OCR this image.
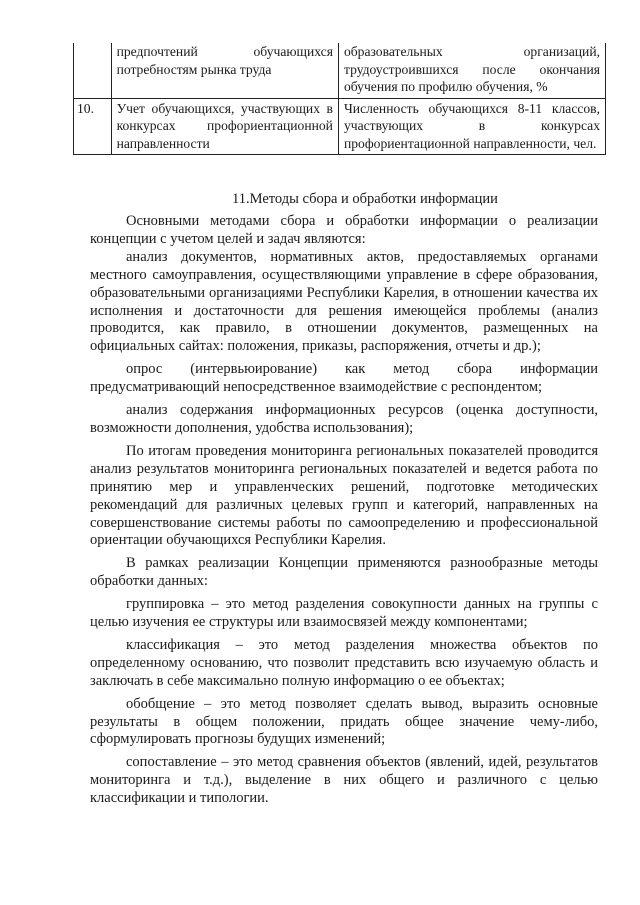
	предпочтений обучающихся потребностям рынка труда	образовательных организаций, трудоустроившихся после окончания обучения по профилю обучения, %
10.	Учет обучающихся, участвующих в конкурсах профориентационной направленности	Численность обучающихся 8-11 классов, участвующих в конкурсах профориентационной направленности, чел.
11.Методы сбора и обработки информации

Основными методами сбора и обработки информации о реализации концепции с учетом целей и задач являются:

анализ документов, нормативных актов, предоставляемых органами местного самоуправления, осуществляющими управление в сфере образования, образовательными организациями Республики Карелия, в отношении качества их исполнения и достаточности для решения имеющейся проблемы (анализ проводится, как правило, в отношении документов, размещенных на официальных сайтах: положения, приказы, распоряжения, отчеты и др.);

опрос (интервьюирование) как метод сбора информации предусматривающий непосредственное взаимодействие с респондентом;

анализ содержания информационных ресурсов (оценка доступности, возможности дополнения, удобства использования);

По итогам проведения мониторинга региональных показателей проводится анализ результатов мониторинга региональных показателей и ведется работа по принятию мер и управленческих решений, подготовке методических рекомендаций для различных целевых групп и категорий, направленных на совершенствование системы работы по самоопределению и профессиональной ориентации обучающихся Республики Карелия.

В рамках реализации Концепции применяются разнообразные методы обработки данных:

группировка – это метод разделения совокупности данных на группы с целью изучения ее структуры или взаимосвязей между компонентами;

классификация – это метод разделения множества объектов по определенному основанию, что позволит представить всю изучаемую область и заключать в себе максимально полную информацию о ее объектах;

обобщение – это метод позволяет сделать вывод, выразить основные результаты в общем положении, придать общее значение чему-либо, сформулировать прогнозы будущих изменений;

сопоставление – это метод сравнения объектов (явлений, идей, результатов мониторинга и т.д.), выделение в них общего и различного с целью классификации и типологии.
